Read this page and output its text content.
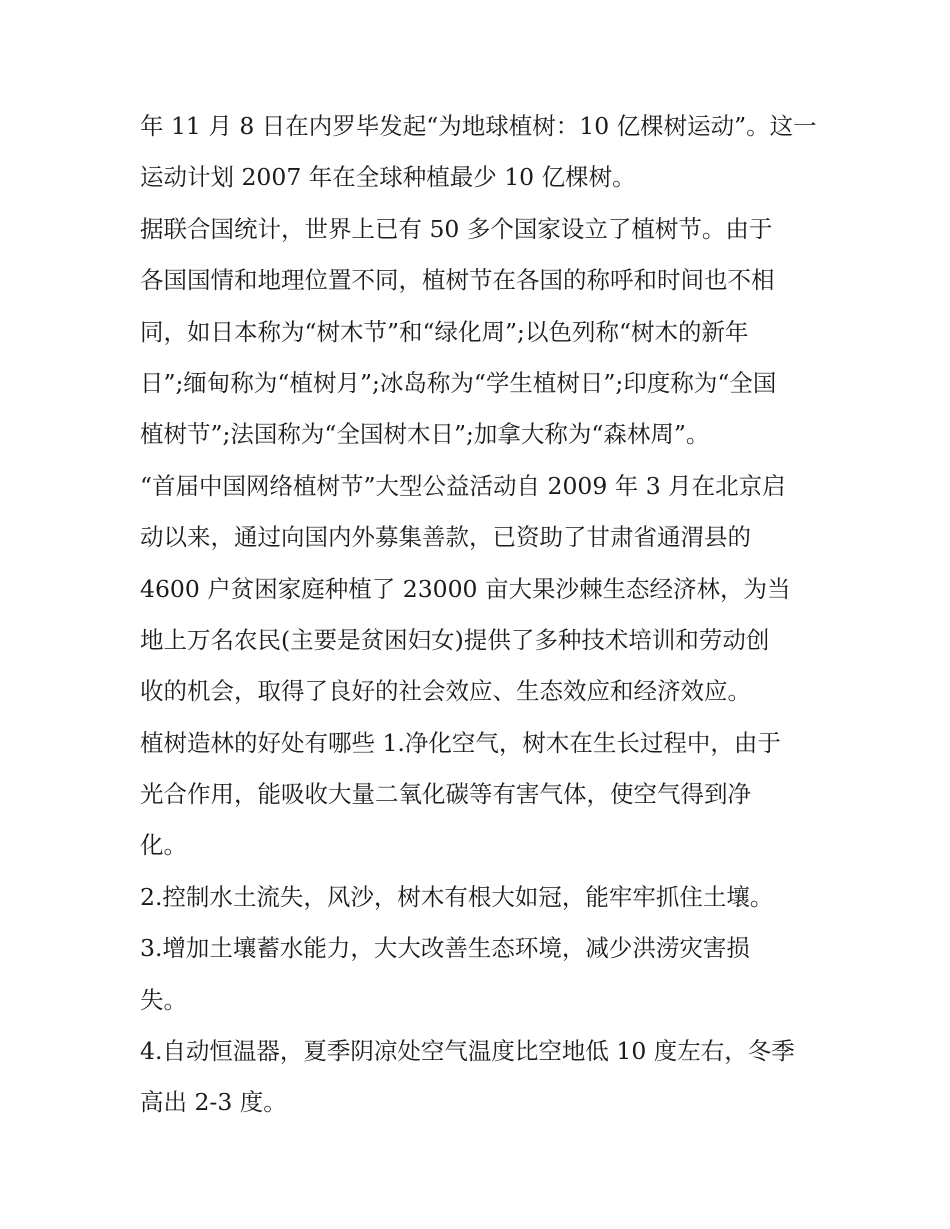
年 11 月 8 日在内罗毕发起“为地球植树：10 亿棵树运动”。这一
运动计划 2007 年在全球种植最少 10 亿棵树。
据联合国统计，世界上已有 50 多个国家设立了植树节。由于
各国国情和地理位置不同，植树节在各国的称呼和时间也不相
同，如日本称为“树木节”和“绿化周”;以色列称“树木的新年
日”;缅甸称为“植树月”;冰岛称为“学生植树日”;印度称为“全国
植树节”;法国称为“全国树木日”;加拿大称为“森林周”。
“首届中国网络植树节”大型公益活动自 2009 年 3 月在北京启
动以来，通过向国内外募集善款，已资助了甘肃省通渭县的
4600 户贫困家庭种植了 23000 亩大果沙棘生态经济林，为当
地上万名农民(主要是贫困妇女)提供了多种技术培训和劳动创
收的机会，取得了良好的社会效应、生态效应和经济效应。
植树造林的好处有哪些 1.净化空气，树木在生长过程中，由于
光合作用，能吸收大量二氧化碳等有害气体，使空气得到净
化。
2.控制水土流失，风沙，树木有根大如冠，能牢牢抓住土壤。
3.增加土壤蓄水能力，大大改善生态环境，减少洪涝灾害损
失。
4.自动恒温器，夏季阴凉处空气温度比空地低 10 度左右，冬季
高出 2-3 度。
